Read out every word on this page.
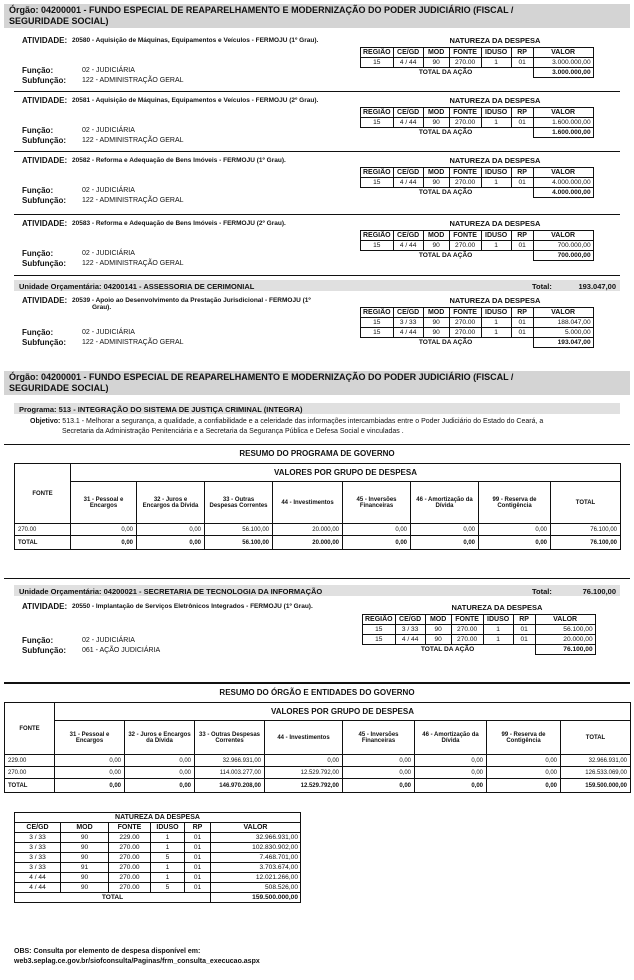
Órgão: 04200001 - FUNDO ESPECIAL DE REAPARELHAMENTO E MODERNIZAÇÃO DO PODER JUDICIÁRIO (FISCAL /
SEGURIDADE SOCIAL)
ATIVIDADE: 20580 - Aquisição de Máquinas, Equipamentos e Veículos - FERMOJU (1º Grau).
Função:	02 - JUDICIÁRIA
Subfunção: 122 - ADMINISTRAÇÃO GERAL
NATUREZA DA DESPESA
REGIÃO	CE/GD	MOD	FONTE	IDUSO	RP	VALOR
15	4 / 44	90	270.00	1	01	3.000.000,00
TOTAL DA AÇÃO						3.000.000,00
ATIVIDADE: 20581 - Aquisição de Máquinas, Equipamentos e Veículos - FERMOJU (2º Grau).
Função:	02 - JUDICIÁRIA
Subfunção: 122 - ADMINISTRAÇÃO GERAL
NATUREZA DA DESPESA
REGIÃO	CE/GD	MOD	FONTE	IDUSO	RP	VALOR
15	4 / 44	90	270.00	1	01	1.600.000,00
TOTAL DA AÇÃO						1.600.000,00
ATIVIDADE: 20582 - Reforma e Adequação de Bens Imóveis - FERMOJU (1º Grau).
Função:	02 - JUDICIÁRIA
Subfunção: 122 - ADMINISTRAÇÃO GERAL
NATUREZA DA DESPESA
REGIÃO	CE/GD	MOD	FONTE	IDUSO	RP	VALOR
15	4 / 44	90	270.00	1	01	4.000.000,00
TOTAL DA AÇÃO						4.000.000,00
ATIVIDADE: 20583 - Reforma e Adequação de Bens Imóveis - FERMOJU (2º Grau).
Função:	02 - JUDICIÁRIA
Subfunção: 122 - ADMINISTRAÇÃO GERAL
NATUREZA DA DESPESA
REGIÃO	CE/GD	MOD	FONTE	IDUSO	RP	VALOR
15	4 / 44	90	270.00	1	01	700.000,00
TOTAL DA AÇÃO						700.000,00
Unidade Orçamentária: 04200141 - ASSESSORIA DE CERIMONIAL	Total:	193.047,00
ATIVIDADE: 20539 - Apoio ao Desenvolvimento da Prestação Jurisdicional - FERMOJU (1º
Grau).
Função:	02 - JUDICIÁRIA
Subfunção: 122 - ADMINISTRAÇÃO GERAL
NATUREZA DA DESPESA
REGIÃO	CE/GD	MOD	FONTE	IDUSO	RP	VALOR
15	3 / 33	90	270.00	1	01	188.047,00
15	4 / 44	90	270.00	1	01	5.000,00
TOTAL DA AÇÃO						193.047,00
Órgão: 04200001 - FUNDO ESPECIAL DE REAPARELHAMENTO E MODERNIZAÇÃO DO PODER JUDICIÁRIO (FISCAL /
SEGURIDADE SOCIAL)
Programa: 513 - INTEGRAÇÃO DO SISTEMA DE JUSTIÇA CRIMINAL (INTEGRA)
Objetivo: 513.1 - Melhorar a segurança, a qualidade, a confiabilidade e a celeridade das informações intercambiadas entre o Poder Judiciário do Estado do Ceará, a
Secretaria da Administração Penitenciária e a Secretaria da Segurança Pública e Defesa Social e vinculadas .
RESUMO DO PROGRAMA DE GOVERNO
FONTE	VALORES POR GRUPO DE DESPESA							
	31 - Pessoal e Encargos	32 - Juros e Encargos da Dívida	33 - Outras Despesas Correntes	44 - Investimentos	45 - Inversões Financeiras	46 - Amortização da Dívida	99 - Reserva de Contigência	TOTAL
270.00	0,00	0,00	56.100,00	20.000,00	0,00	0,00	0,00	76.100,00
TOTAL	0,00	0,00	56.100,00	20.000,00	0,00	0,00	0,00	76.100,00
Unidade Orçamentária: 04200021 - SECRETARIA DE TECNOLOGIA DA INFORMAÇÃO	Total:	76.100,00
ATIVIDADE: 20550 - Implantação de Serviços Eletrônicos Integrados - FERMOJU (1º Grau).
Função:	02 - JUDICIÁRIA
Subfunção: 061 - AÇÃO JUDICIÁRIA
NATUREZA DA DESPESA
REGIÃO	CE/GD	MOD	FONTE	IDUSO	RP	VALOR
15	3 / 33	90	270.00	1	01	56.100,00
15	4 / 44	90	270.00	1	01	20.000,00
TOTAL DA AÇÃO						76.100,00
RESUMO DO ÓRGÃO E ENTIDADES DO GOVERNO
FONTE	VALORES POR GRUPO DE DESPESA							
	31 - Pessoal e Encargos	32 - Juros e Encargos da Dívida	33 - Outras Despesas Correntes	44 - Investimentos	45 - Inversões Financeiras	46 - Amortização da Dívida	99 - Reserva de Contigência	TOTAL
229.00	0,00	0,00	32.966.931,00	0,00	0,00	0,00	0,00	32.966.931,00
270.00	0,00	0,00	114.003.277,00	12.529.792,00	0,00	0,00	0,00	126.533.069,00
TOTAL	0,00	0,00	146.970.208,00	12.529.792,00	0,00	0,00	0,00	159.500.000,00
NATUREZA DA DESPESA					
CE/GD	MOD	FONTE	IDUSO	RP	VALOR
3 / 33	90	229.00	1	01	32.966.931,00
3 / 33	90	270.00	1	01	102.830.902,00
3 / 33	90	270.00	5	01	7.468.701,00
3 / 33	91	270.00	1	01	3.703.674,00
4 / 44	90	270.00	1	01	12.021.266,00
4 / 44	90	270.00	5	01	508.526,00
TOTAL					159.500.000,00
OBS: Consulta por elemento de despesa disponível em:
web3.seplag.ce.gov.br/siofconsulta/Paginas/frm_consulta_execucao.aspx
